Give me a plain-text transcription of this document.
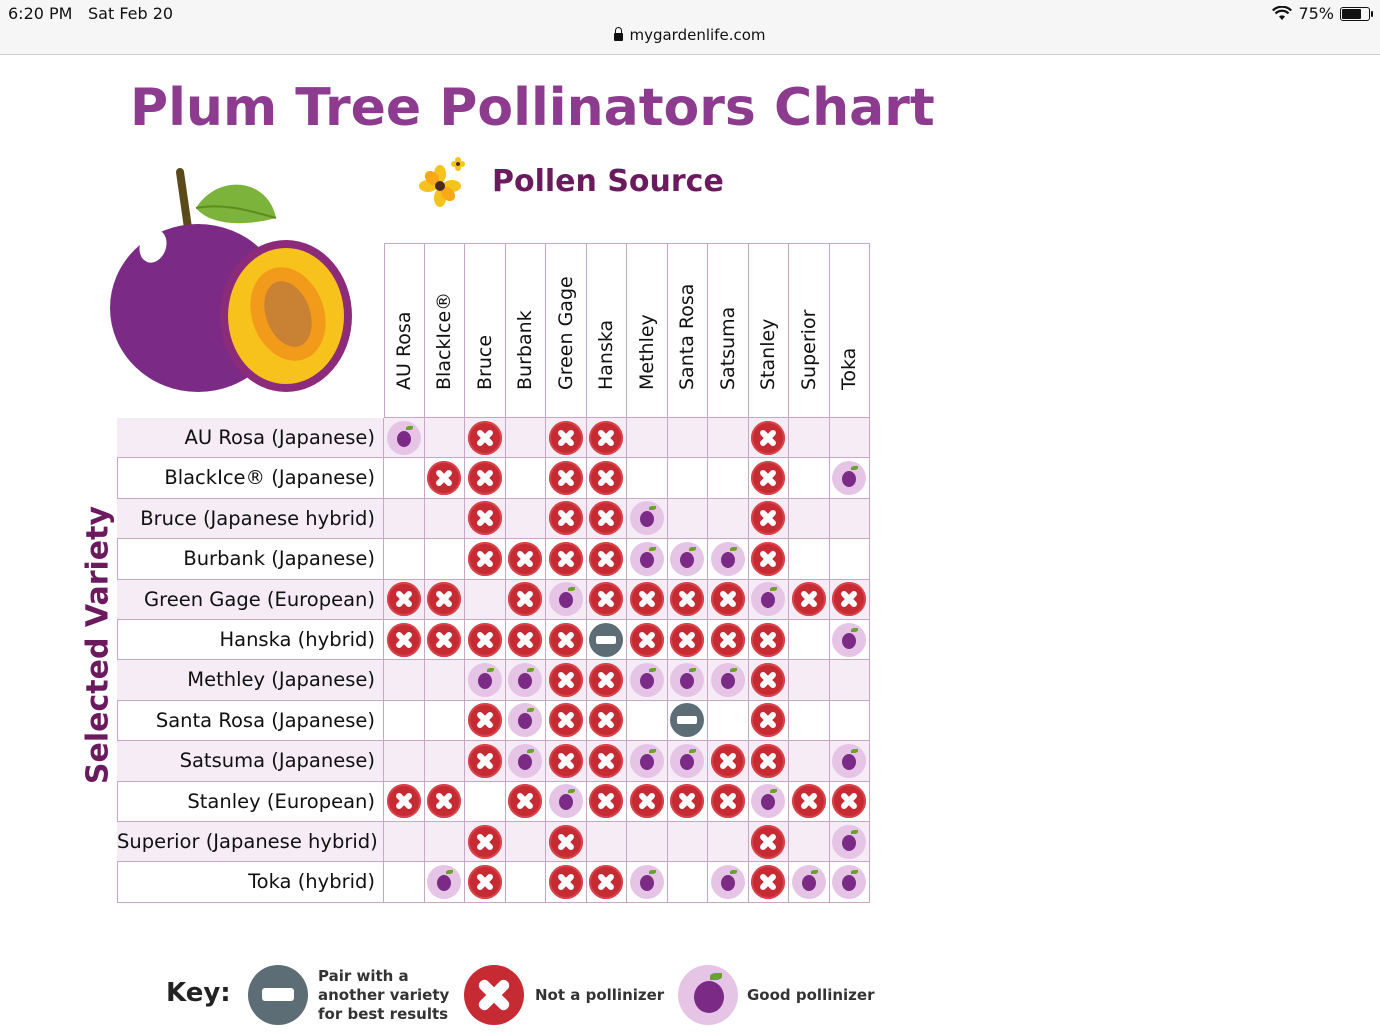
6:20 PM Sat Feb 20	75%
mygardenlife.com
Plum Tree Pollinators Chart
Pollen Source
AU Rosa BlackIce® Bruce Burbank Green Gage Hanska Methley Santa Rosa Satsuma Stanley Superior Toka
Selected Variety
AU Rosa (Japanese)
BlackIce® (Japanese)
Bruce (Japanese hybrid)
Burbank (Japanese)
Green Gage (European)
Hanska (hybrid)
Methley (Japanese)
Santa Rosa (Japanese)
Satsuma (Japanese)
Stanley (European)
Superior (Japanese hybrid)
Toka (hybrid)
Key:
Pair with a
another variety
for best results
Not a pollinizer	Good pollinizer
